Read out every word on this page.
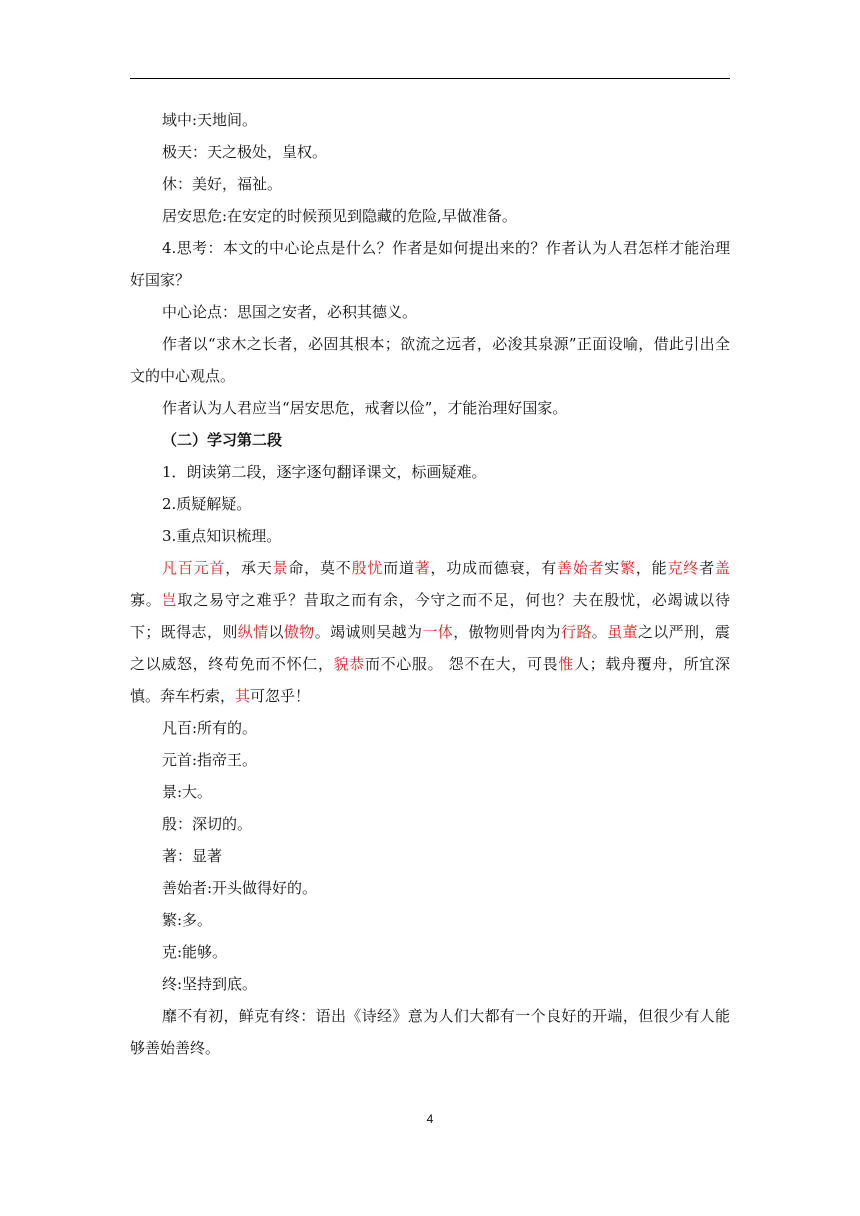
域中:天地间。
极天：天之极处，皇权。
休：美好，福祉。
居安思危:在安定的时候预见到隐藏的危险,早做准备。
4.思考：本文的中心论点是什么？作者是如何提出来的？作者认为人君怎样才能治理好国家？
中心论点：思国之安者，必积其德义。
作者以“求木之长者，必固其根本；欲流之远者，必浚其泉源”正面设喻，借此引出全文的中心观点。
作者认为人君应当“居安思危，戒奢以俭”，才能治理好国家。
（二）学习第二段
1．朗读第二段，逐字逐句翻译课文，标画疑难。
2.质疑解疑。
3.重点知识梳理。
凡百元首，承天景命，莫不殷忧而道著，功成而德衰，有善始者实繁，能克终者盖寡。岂取之易守之难乎？昔取之而有余，今守之而不足，何也？夫在殷忧，必竭诚以待下；既得志，则纵情以傲物。竭诚则吴越为一体，傲物则骨肉为行路。虽董之以严刑，震之以威怒，终苟免而不怀仁，貌恭而不心服。 怨不在大，可畏惟人；载舟覆舟，所宜深慎。奔车朽索，其可忽乎！
凡百:所有的。
元首:指帝王。
景:大。
殷：深切的。
著：显著
善始者:开头做得好的。
繁:多。
克:能够。
终:坚持到底。
靡不有初，鲜克有终：语出《诗经》意为人们大都有一个良好的开端，但很少有人能够善始善终。
4
